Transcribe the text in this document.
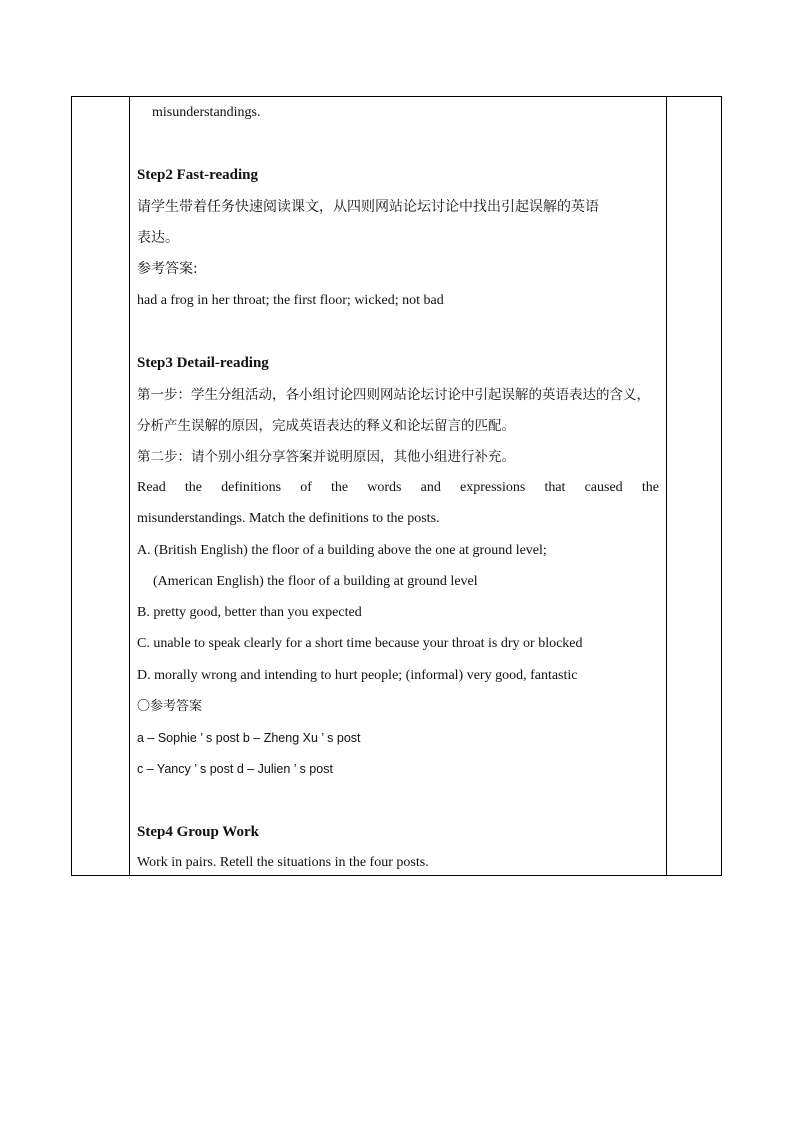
misunderstandings.
Step2 Fast-reading
请学生带着任务快速阅读课文，从四则网站论坛讨论中找出引起误解的英语
表达。
参考答案:
had a frog in her throat; the first floor; wicked; not bad
Step3 Detail-reading
第一步：学生分组活动，各小组讨论四则网站论坛讨论中引起误解的英语表达的含义，
分析产生误解的原因，完成英语表达的释义和论坛留言的匹配。
第二步：请个别小组分享答案并说明原因，其他小组进行补充。
Read the definitions of the words and expressions that caused the
misunderstandings. Match the definitions to the posts.
A. (British English) the floor of a building above the one at ground level;
(American English) the floor of a building at ground level
B. pretty good, better than you expected
C. unable to speak clearly for a short time because your throat is dry or blocked
D. morally wrong and intending to hurt people; (informal) very good, fantastic
〇参考答案
a – Sophie ’ s post b – Zheng Xu ’ s post
c – Yancy ’ s post d – Julien ’ s post
Step4 Group Work
Work in pairs. Retell the situations in the four posts.
